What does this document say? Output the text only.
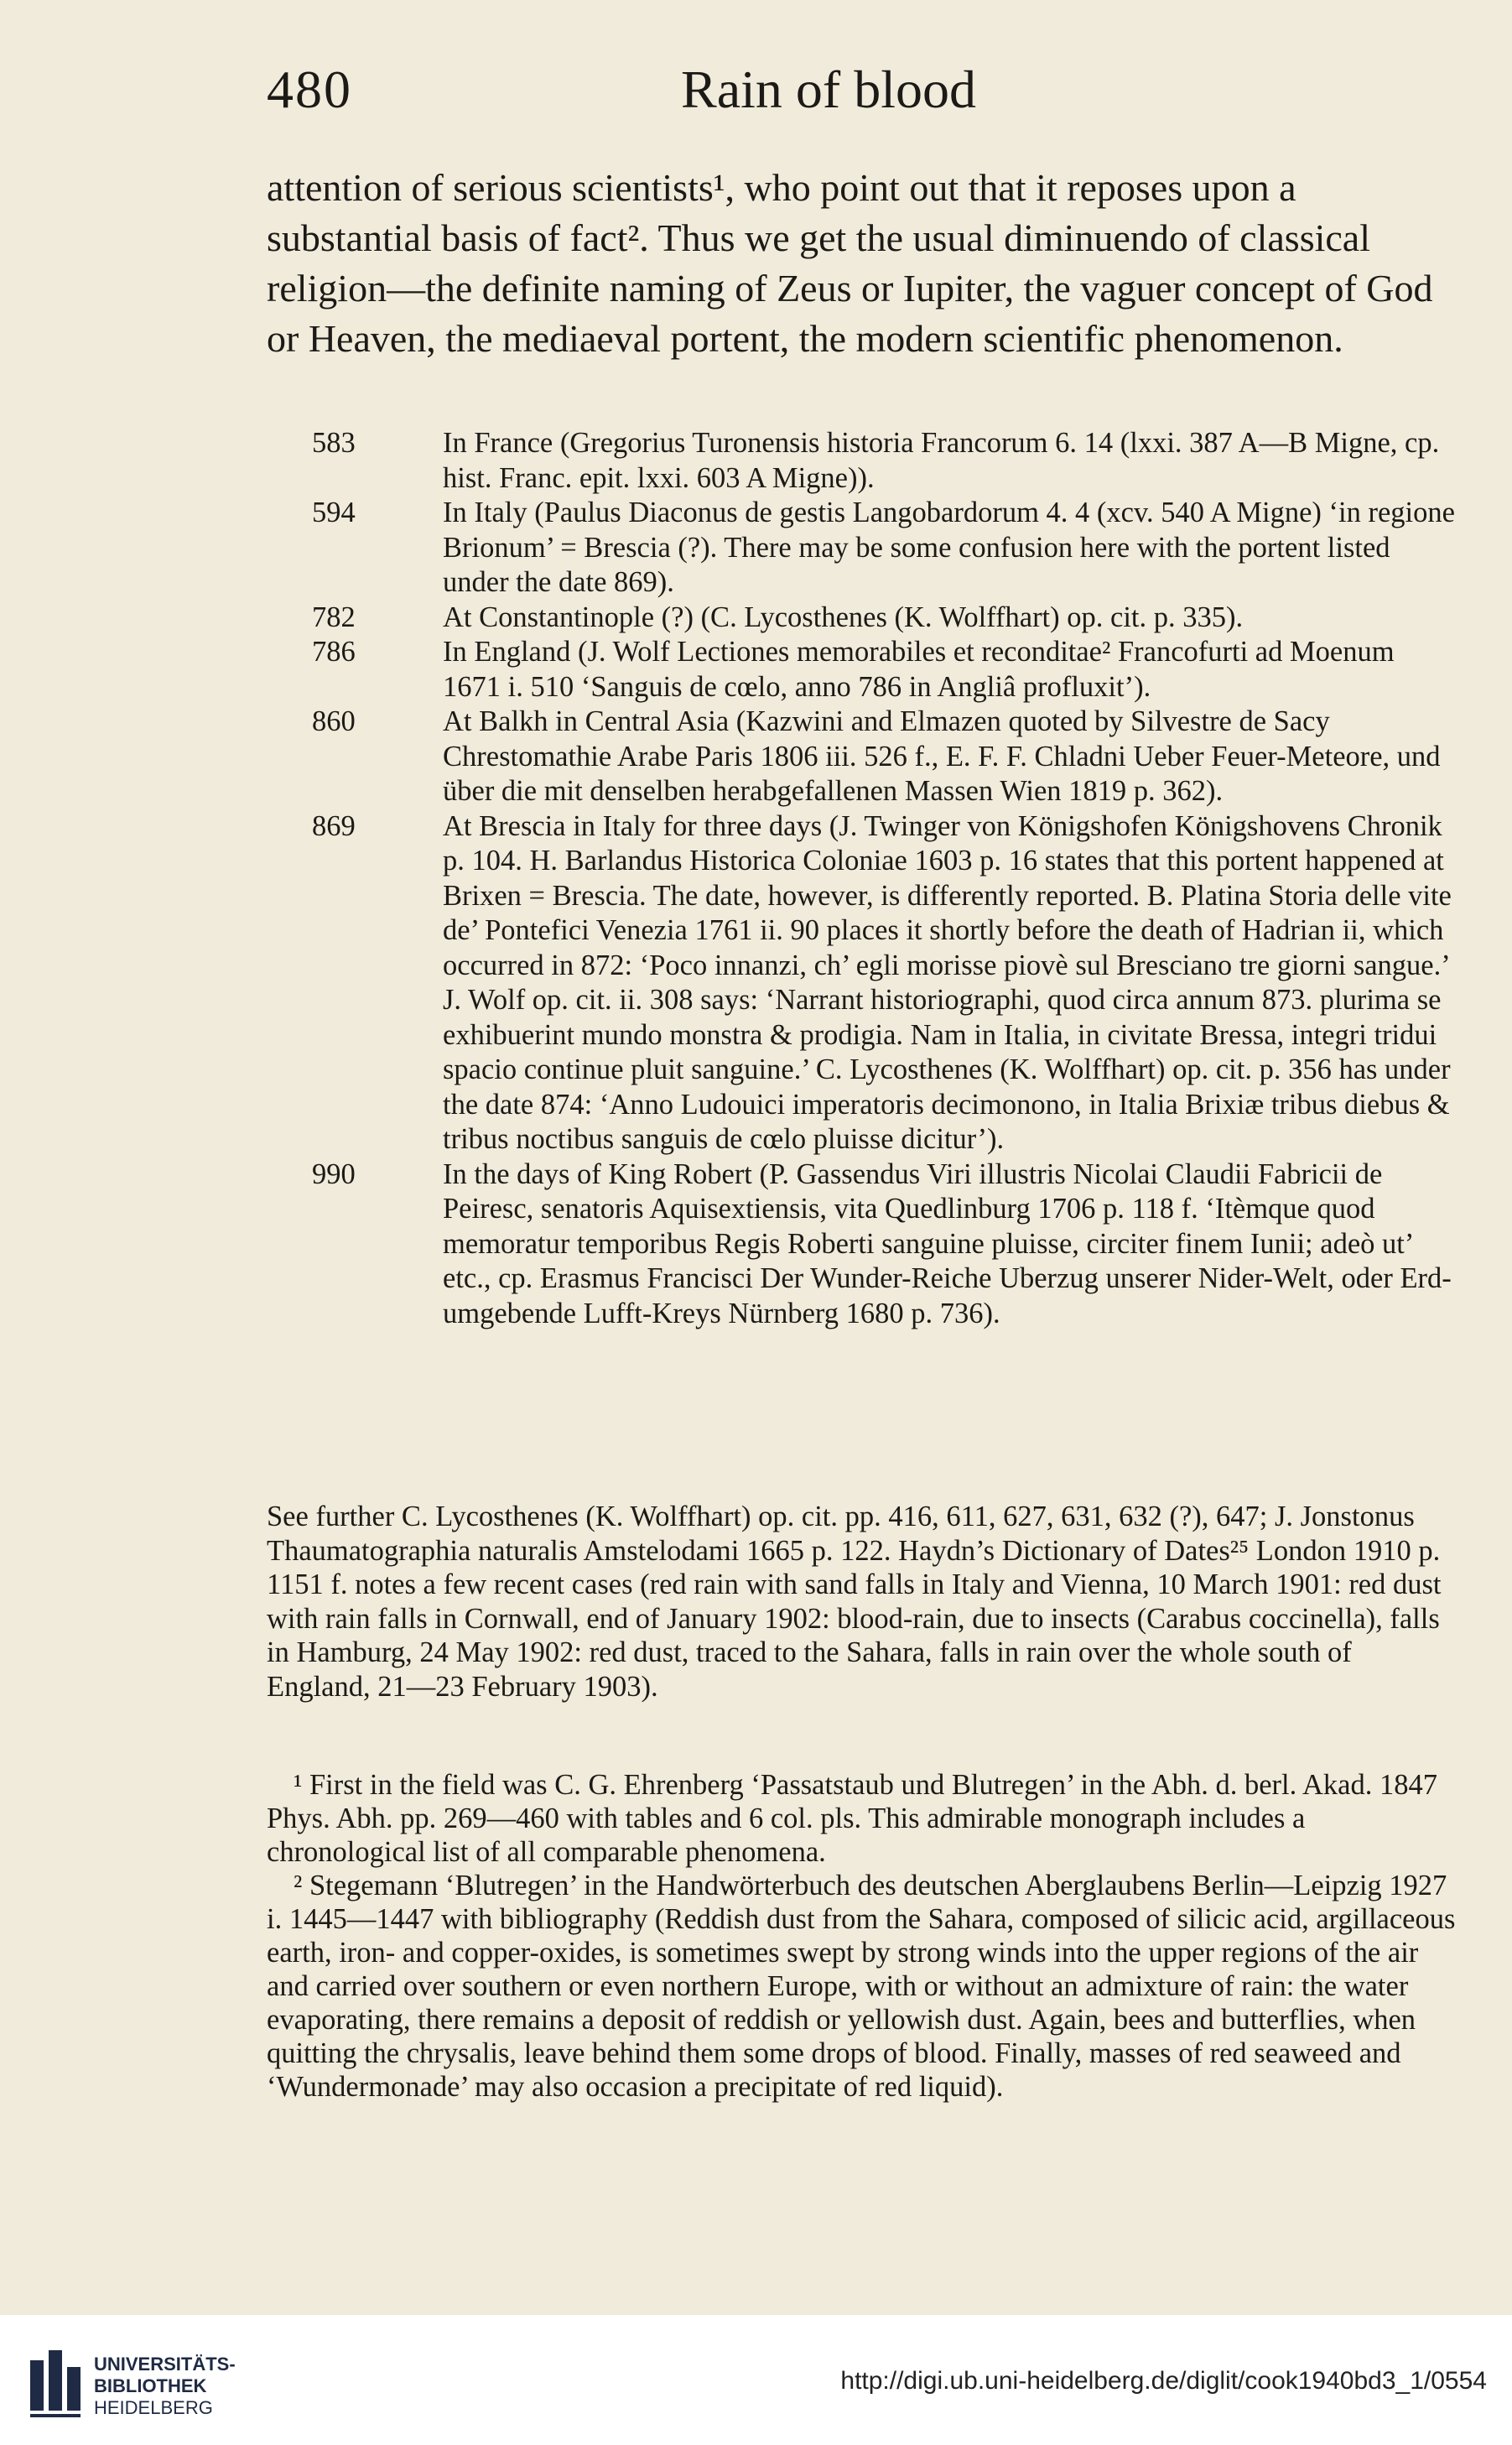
480	Rain of blood

attention of serious scientists¹, who point out that it reposes upon a substantial basis of fact². Thus we get the usual diminuendo of classical religion—the definite naming of Zeus or Iupiter, the vaguer concept of God or Heaven, the mediaeval portent, the modern scientific phenomenon.

583	In France (Gregorius Turonensis historia Francorum 6. 14 (lxxi. 387 A—B Migne, cp. hist. Franc. epit. lxxi. 603 A Migne)).
594	In Italy (Paulus Diaconus de gestis Langobardorum 4. 4 (xcv. 540 A Migne) ‘in regione Brionum’ = Brescia (?). There may be some confusion here with the portent listed under the date 869).
782	At Constantinople (?) (C. Lycosthenes (K. Wolffhart) op. cit. p. 335).
786	In England (J. Wolf Lectiones memorabiles et reconditae² Francofurti ad Moenum 1671 i. 510 ‘Sanguis de cœlo, anno 786 in Angliâ profluxit’).
860	At Balkh in Central Asia (Kazwini and Elmazen quoted by Silvestre de Sacy Chrestomathie Arabe Paris 1806 iii. 526 f., E. F. F. Chladni Ueber Feuer-Meteore, und über die mit denselben herabgefallenen Massen Wien 1819 p. 362).
869	At Brescia in Italy for three days (J. Twinger von Königshofen Königshovens Chronik p. 104. H. Barlandus Historica Coloniae 1603 p. 16 states that this portent happened at Brixen = Brescia. The date, however, is differently reported. B. Platina Storia delle vite de’ Pontefici Venezia 1761 ii. 90 places it shortly before the death of Hadrian ii, which occurred in 872: ‘Poco innanzi, ch’ egli morisse piovè sul Bresciano tre giorni sangue.’ J. Wolf op. cit. ii. 308 says: ‘Narrant historiographi, quod circa annum 873. plurima se exhibuerint mundo monstra & prodigia. Nam in Italia, in civitate Bressa, integri tridui spacio continue pluit sanguine.’ C. Lycosthenes (K. Wolffhart) op. cit. p. 356 has under the date 874: ‘Anno Ludouici imperatoris decimonono, in Italia Brixiæ tribus diebus & tribus noctibus sanguis de cœlo pluisse dicitur’).
990	In the days of King Robert (P. Gassendus Viri illustris Nicolai Claudii Fabricii de Peiresc, senatoris Aquisextiensis, vita Quedlinburg 1706 p. 118 f. ‘Itèmque quod memoratur temporibus Regis Roberti sanguine pluisse, circiter finem Iunii; adeò ut’ etc., cp. Erasmus Francisci Der Wunder-Reiche Uberzug unserer Nider-Welt, oder Erd-umgebende Lufft-Kreys Nürnberg 1680 p. 736).

See further C. Lycosthenes (K. Wolffhart) op. cit. pp. 416, 611, 627, 631, 632 (?), 647; J. Jonstonus Thaumatographia naturalis Amstelodami 1665 p. 122. Haydn’s Dictionary of Dates²⁵ London 1910 p. 1151 f. notes a few recent cases (red rain with sand falls in Italy and Vienna, 10 March 1901: red dust with rain falls in Cornwall, end of January 1902: blood-rain, due to insects (Carabus coccinella), falls in Hamburg, 24 May 1902: red dust, traced to the Sahara, falls in rain over the whole south of England, 21—23 February 1903).

¹ First in the field was C. G. Ehrenberg ‘Passatstaub und Blutregen’ in the Abh. d. berl. Akad. 1847 Phys. Abh. pp. 269—460 with tables and 6 col. pls. This admirable monograph includes a chronological list of all comparable phenomena.

² Stegemann ‘Blutregen’ in the Handwörterbuch des deutschen Aberglaubens Berlin—Leipzig 1927 i. 1445—1447 with bibliography (Reddish dust from the Sahara, composed of silicic acid, argillaceous earth, iron- and copper-oxides, is sometimes swept by strong winds into the upper regions of the air and carried over southern or even northern Europe, with or without an admixture of rain: the water evaporating, there remains a deposit of reddish or yellowish dust. Again, bees and butterflies, when quitting the chrysalis, leave behind them some drops of blood. Finally, masses of red seaweed and ‘Wundermonade’ may also occasion a precipitate of red liquid).

UNIVERSITÄTS-
BIBLIOTHEK
HEIDELBERG
http://digi.ub.uni-heidelberg.de/diglit/cook1940bd3_1/0554
